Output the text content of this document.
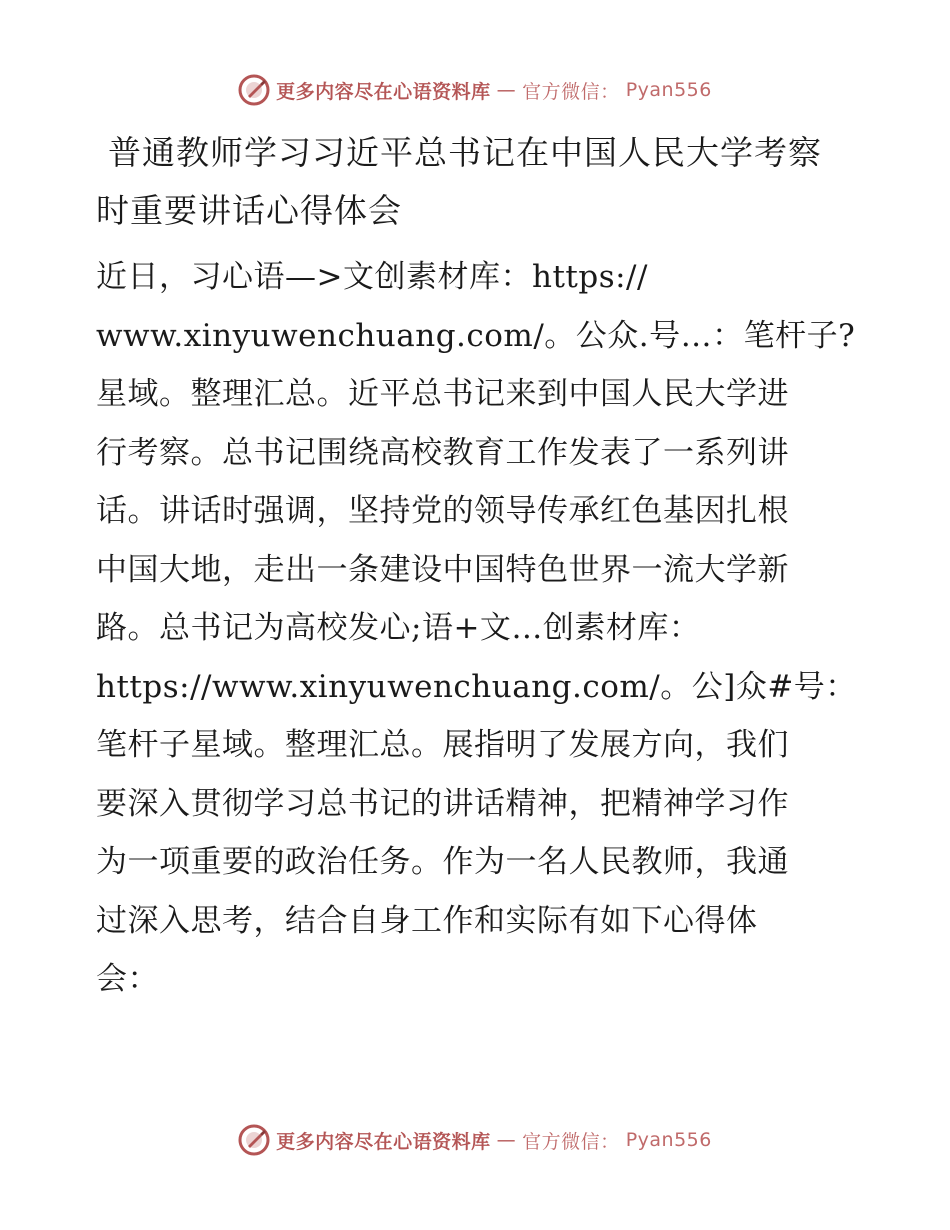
更多内容尽在心语资料库 — 官方微信： Pyan556
普通教师学习习近平总书记在中国人民大学考察
时重要讲话心得体会
近日，习心语—>文创素材库：https://
www.xinyuwenchuang.com/。公众.号…：笔杆子?
星域。整理汇总。近平总书记来到中国人民大学进
行考察。总书记围绕高校教育工作发表了一系列讲
话。讲话时强调，坚持党的领导传承红色基因扎根
中国大地，走出一条建设中国特色世界一流大学新
路。总书记为高校发心;语+文…创素材库：
https://www.xinyuwenchuang.com/。公]众#号：
笔杆子星域。整理汇总。展指明了发展方向，我们
要深入贯彻学习总书记的讲话精神，把精神学习作
为一项重要的政治任务。作为一名人民教师，我通
过深入思考，结合自身工作和实际有如下心得体
会：
更多内容尽在心语资料库 — 官方微信： Pyan556
